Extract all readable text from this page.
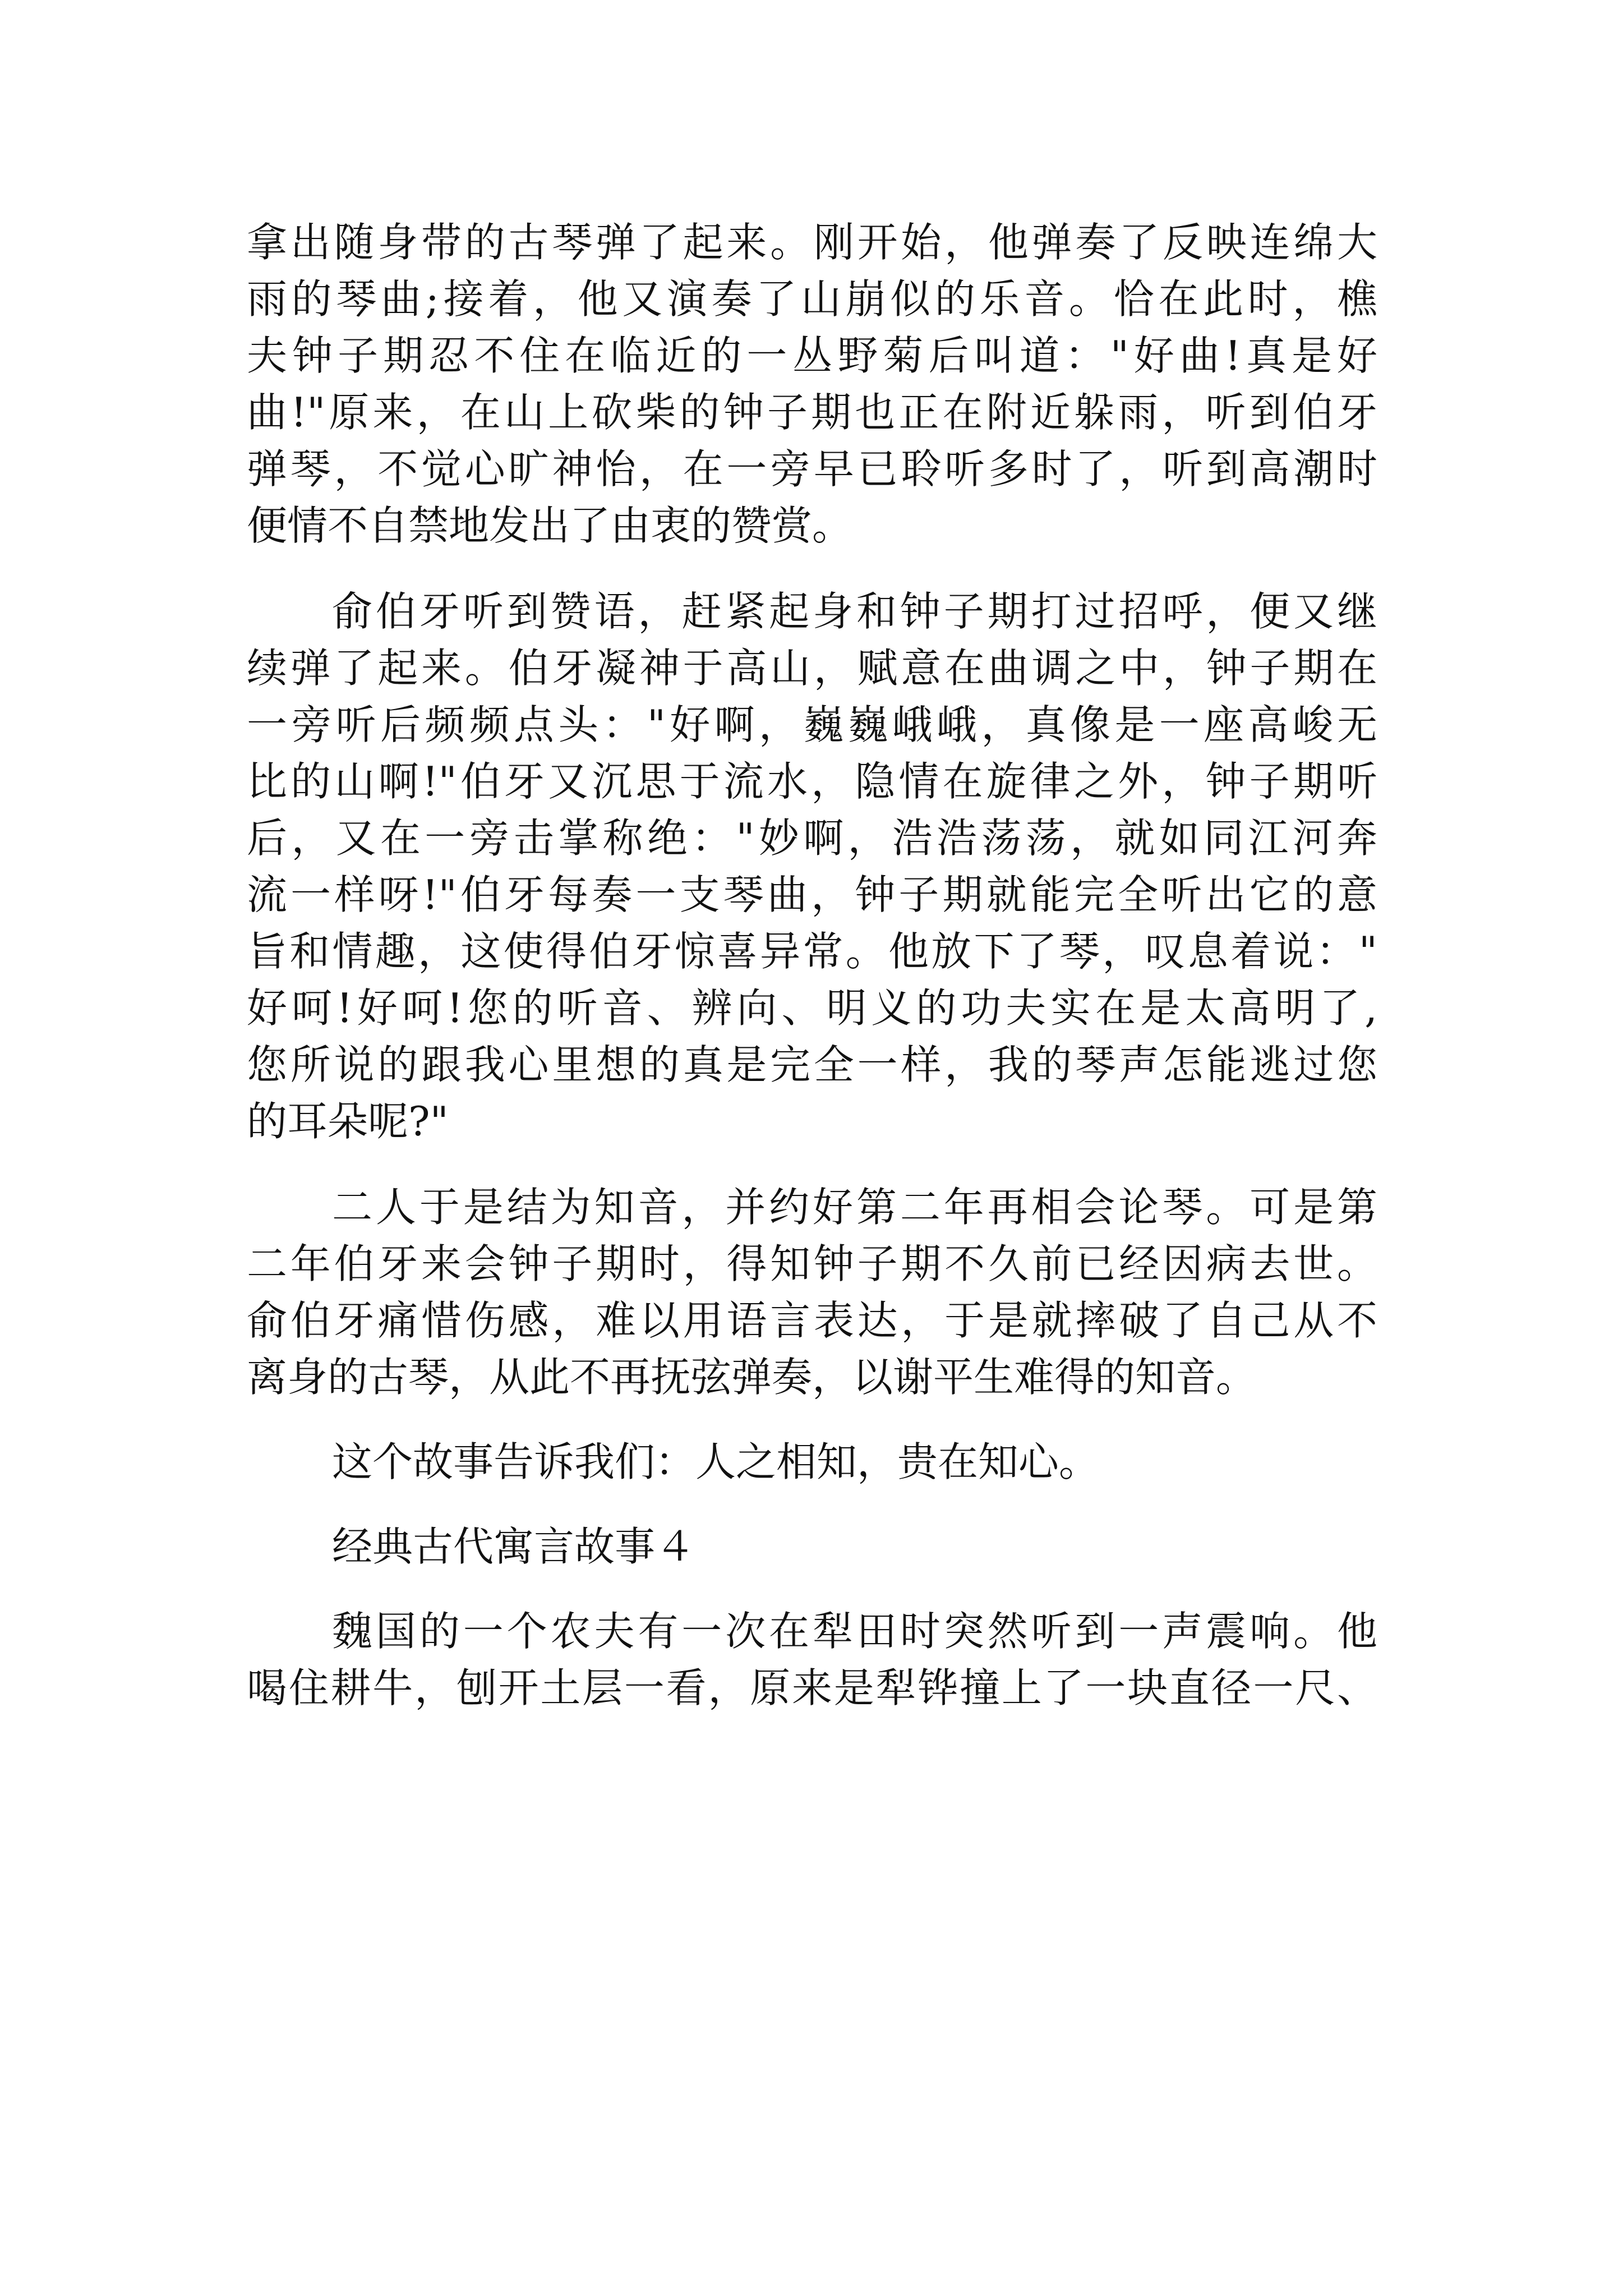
拿出随身带的古琴弹了起来。刚开始，他弹奏了反映连绵大
雨的琴曲;接着，他又演奏了山崩似的乐音。恰在此时，樵
夫钟子期忍不住在临近的一丛野菊后叫道："好曲!真是好
曲!"原来，在山上砍柴的钟子期也正在附近躲雨，听到伯牙
弹琴，不觉心旷神怡，在一旁早已聆听多时了，听到高潮时
便情不自禁地发出了由衷的赞赏。
俞伯牙听到赞语，赶紧起身和钟子期打过招呼，便又继
续弹了起来。伯牙凝神于高山，赋意在曲调之中，钟子期在
一旁听后频频点头："好啊，巍巍峨峨，真像是一座高峻无
比的山啊!"伯牙又沉思于流水，隐情在旋律之外，钟子期听
后，又在一旁击掌称绝："妙啊，浩浩荡荡，就如同江河奔
流一样呀!"伯牙每奏一支琴曲，钟子期就能完全听出它的意
旨和情趣，这使得伯牙惊喜异常。他放下了琴，叹息着说："
好呵!好呵!您的听音、辨向、明义的功夫实在是太高明了,
您所说的跟我心里想的真是完全一样，我的琴声怎能逃过您
的耳朵呢?"
二人于是结为知音，并约好第二年再相会论琴。可是第
二年伯牙来会钟子期时，得知钟子期不久前已经因病去世。
俞伯牙痛惜伤感，难以用语言表达，于是就摔破了自己从不
离身的古琴，从此不再抚弦弹奏，以谢平生难得的知音。
这个故事告诉我们：人之相知，贵在知心。
经典古代寓言故事４
魏国的一个农夫有一次在犁田时突然听到一声震响。他
喝住耕牛，刨开土层一看，原来是犁铧撞上了一块直径一尺、
